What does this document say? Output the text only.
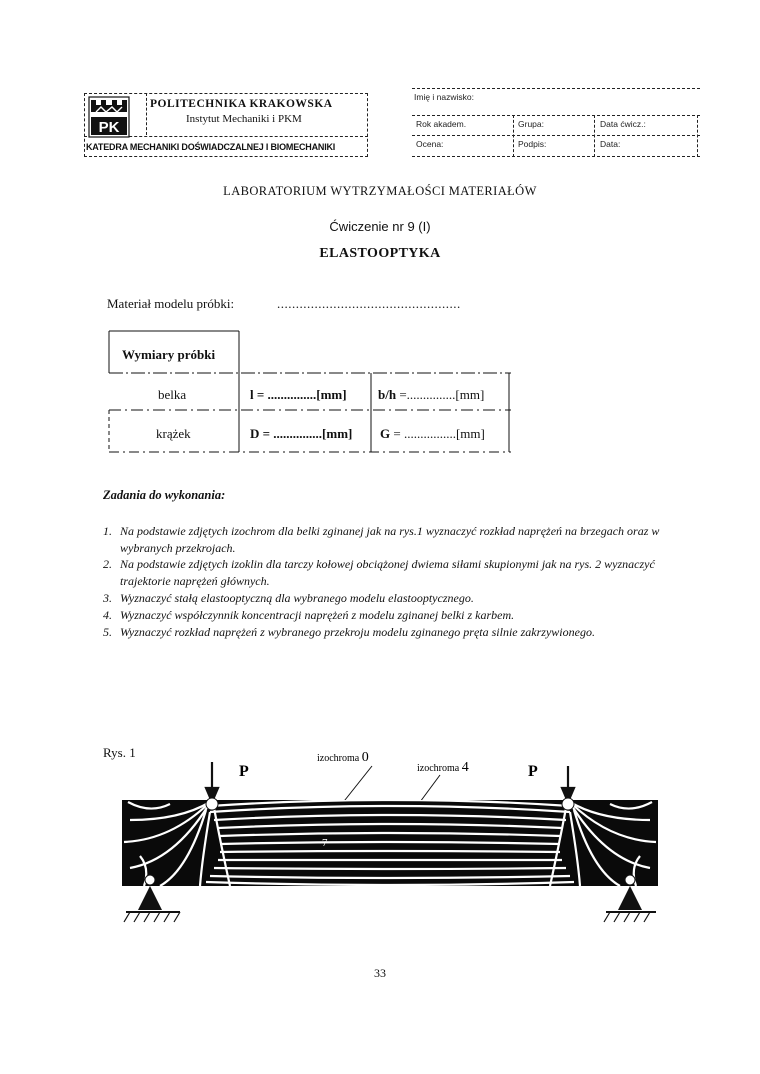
PK
POLITECHNIKA KRAKOWSKA
Instytut Mechaniki i PKM
KATEDRA MECHANIKI DOŚWIADCZALNEJ I BIOMECHANIKI
Imię i nazwisko:
Rok akadem.	Grupa:	Data ćwicz.:
Ocena:	Podpis:	Data:
LABORATORIUM WYTRZYMAŁOŚCI MATERIAŁÓW
Ćwiczenie nr 9 (I)
ELASTOOPTYKA
Materiał modelu próbki:	.................................................
Wymiary próbki
belka	l = ...............[mm] b/h =...............[mm]
krążek	D = ...............[mm] G = ................[mm]
Zadania do wykonania:
1. Na podstawie zdjętych izochrom dla belki zginanej jak na rys.1 wyznaczyć rozkład naprężeń na brzegach oraz w wybranych przekrojach.
2. Na podstawie zdjętych izoklin dla tarczy kołowej obciążonej dwiema siłami skupionymi jak na rys. 2 wyznaczyć trajektorie naprężeń głównych.
3. Wyznaczyć stałą elastooptyczną dla wybranego modelu elastooptycznego.
4. Wyznaczyć współczynnik koncentracji naprężeń z modelu zginanej belki z karbem.
5. Wyznaczyć rozkład naprężeń z wybranego przekroju modelu zginanego pręta silnie zakrzywionego.
Rys. 1
P	P
izochroma 0
izochroma 4
7
33
